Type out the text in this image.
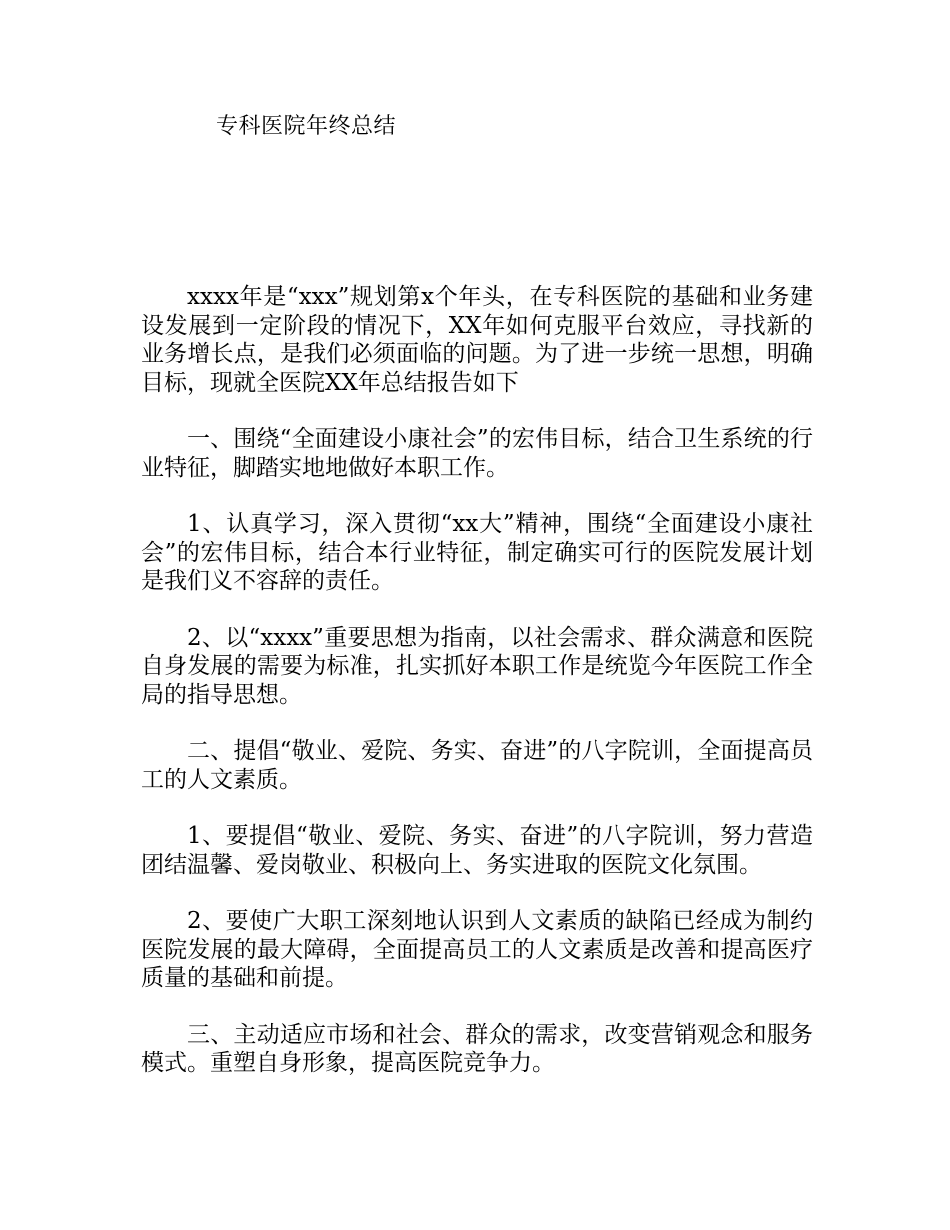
专科医院年终总结

xxxx年是“xxx”规划第x个年头，在专科医院的基础和业务建设发展到一定阶段的情况下，XX年如何克服平台效应，寻找新的业务增长点，是我们必须面临的问题。为了进一步统一思想，明确目标，现就全医院XX年总结报告如下

一、围绕“全面建设小康社会”的宏伟目标，结合卫生系统的行业特征，脚踏实地地做好本职工作。

1、认真学习，深入贯彻“xx大”精神，围绕“全面建设小康社会”的宏伟目标，结合本行业特征，制定确实可行的医院发展计划是我们义不容辞的责任。

2、以“xxxx”重要思想为指南，以社会需求、群众满意和医院自身发展的需要为标准，扎实抓好本职工作是统览今年医院工作全局的指导思想。

二、提倡“敬业、爱院、务实、奋进”的八字院训，全面提高员工的人文素质。

1、要提倡“敬业、爱院、务实、奋进”的八字院训，努力营造团结温馨、爱岗敬业、积极向上、务实进取的医院文化氛围。

2、要使广大职工深刻地认识到人文素质的缺陷已经成为制约医院发展的最大障碍，全面提高员工的人文素质是改善和提高医疗质量的基础和前提。

三、主动适应市场和社会、群众的需求，改变营销观念和服务模式。重塑自身形象，提高医院竞争力。
